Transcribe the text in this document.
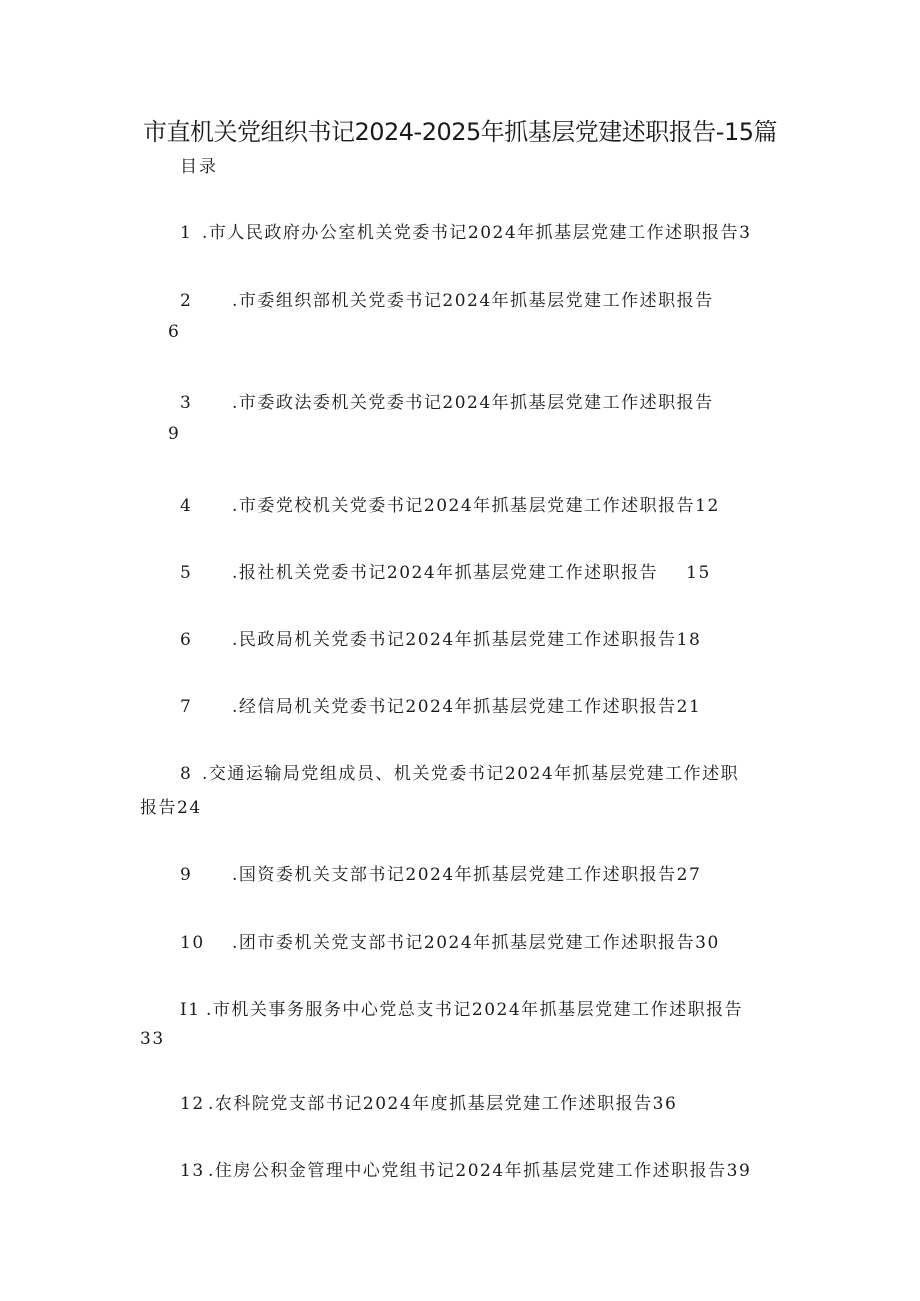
市直机关党组织书记2024-2025年抓基层党建述职报告-15篇
目录
1 .市人民政府办公室机关党委书记2024年抓基层党建工作述职报告3
2 .市委组织部机关党委书记2024年抓基层党建工作述职报告
6
3 .市委政法委机关党委书记2024年抓基层党建工作述职报告
9
4 .市委党校机关党委书记2024年抓基层党建工作述职报告12
5 .报社机关党委书记2024年抓基层党建工作述职报告 15
6 .民政局机关党委书记2024年抓基层党建工作述职报告18
7 .经信局机关党委书记2024年抓基层党建工作述职报告21
8 .交通运输局党组成员、机关党委书记2024年抓基层党建工作述职
报告24
9 .国资委机关支部书记2024年抓基层党建工作述职报告27
10 .团市委机关党支部书记2024年抓基层党建工作述职报告30
I1 .市机关事务服务中心党总支书记2024年抓基层党建工作述职报告
33
12 .农科院党支部书记2024年度抓基层党建工作述职报告36
13 .住房公积金管理中心党组书记2024年抓基层党建工作述职报告39
